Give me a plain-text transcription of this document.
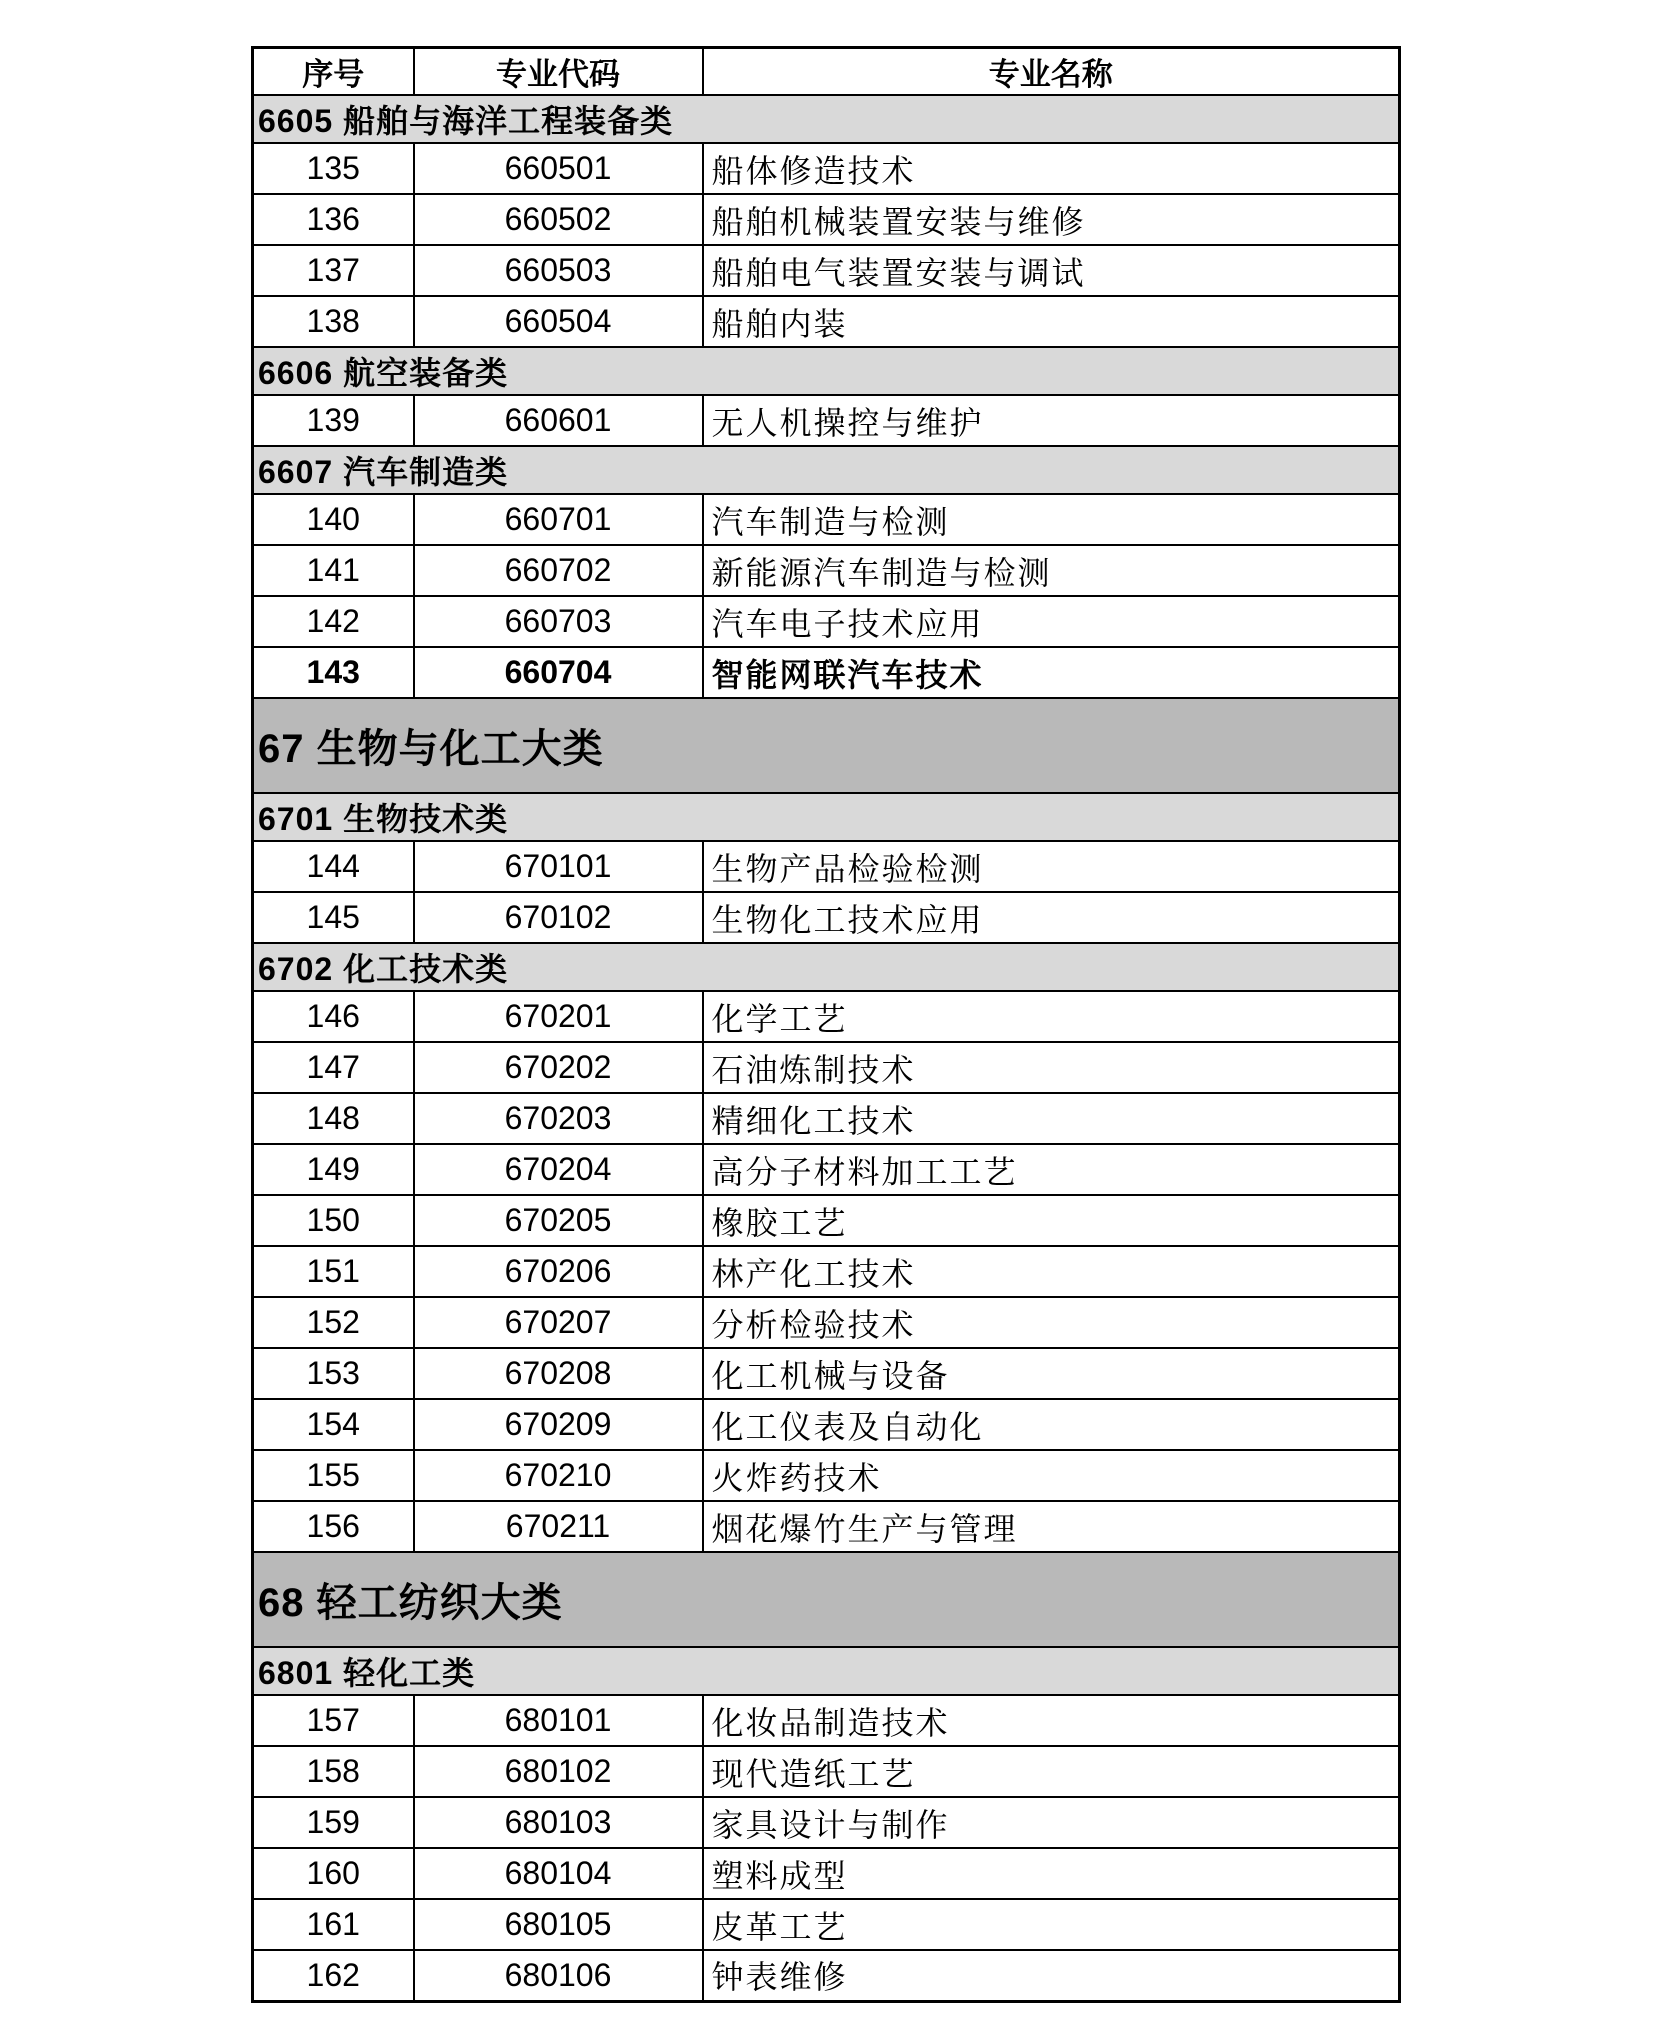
序号	专业代码	专业名称
6605 船舶与海洋工程装备类		
135	660501	船体修造技术
136	660502	船舶机械装置安装与维修
137	660503	船舶电气装置安装与调试
138	660504	船舶内装
6606 航空装备类		
139	660601	无人机操控与维护
6607 汽车制造类		
140	660701	汽车制造与检测
141	660702	新能源汽车制造与检测
142	660703	汽车电子技术应用
143	660704	智能网联汽车技术
67 生物与化工大类		
6701 生物技术类		
144	670101	生物产品检验检测
145	670102	生物化工技术应用
6702 化工技术类		
146	670201	化学工艺
147	670202	石油炼制技术
148	670203	精细化工技术
149	670204	高分子材料加工工艺
150	670205	橡胶工艺
151	670206	林产化工技术
152	670207	分析检验技术
153	670208	化工机械与设备
154	670209	化工仪表及自动化
155	670210	火炸药技术
156	670211	烟花爆竹生产与管理
68 轻工纺织大类		
6801 轻化工类		
157	680101	化妆品制造技术
158	680102	现代造纸工艺
159	680103	家具设计与制作
160	680104	塑料成型
161	680105	皮革工艺
162	680106	钟表维修
